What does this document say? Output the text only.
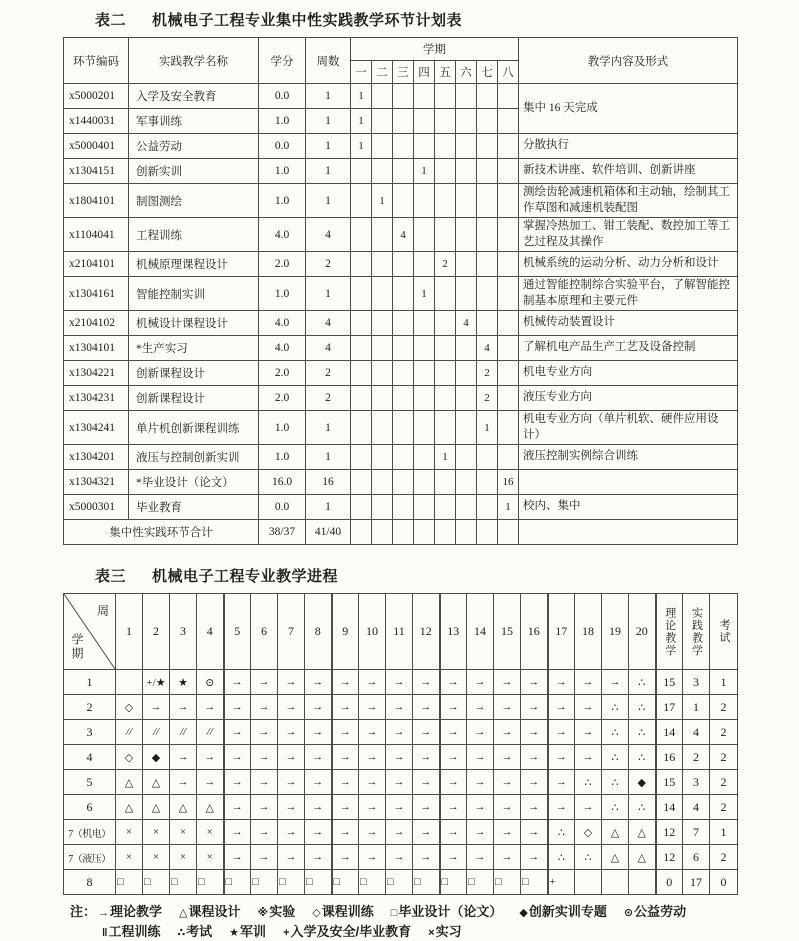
表二 机械电子工程专业集中性实践教学环节计划表
环节编码	实践教学名称	学分	周数	学期								教学内容及形式
				一	二	三	四	五	六	七	八	
x5000201	入学及安全教育	0.0	1	1								集中 16 天完成
x1440031	军事训练	1.0	1	1								
x5000401	公益劳动	0.0	1	1								分散执行
x1304151	创新实训	1.0	1				1					新技术讲座、软件培训、创新讲座
x1804101	制图测绘	1.0	1		1							测绘齿轮减速机箱体和主动轴，绘制其工作草图和减速机装配图
x1104041	工程训练	4.0	4			4						掌握冷热加工、钳工装配、数控加工等工艺过程及其操作
x2104101	机械原理课程设计	2.0	2					2				机械系统的运动分析、动力分析和设计
x1304161	智能控制实训	1.0	1				1					通过智能控制综合实验平台，了解智能控制基本原理和主要元件
x2104102	机械设计课程设计	4.0	4						4			机械传动装置设计
x1304101	*生产实习	4.0	4							4		了解机电产品生产工艺及设备控制
x1304221	创新课程设计	2.0	2							2		机电专业方向
x1304231	创新课程设计	2.0	2							2		液压专业方向
x1304241	单片机创新课程训练	1.0	1							1		机电专业方向（单片机软、硬件应用设计）
x1304201	液压与控制创新实训	1.0	1					1				液压控制实例综合训练
x1304321	*毕业设计（论文）	16.0	16								16	
x5000301	毕业教育	0.0	1								1	校内、集中
集中性实践环节合计		38/37	41/40									
表三 机械电子工程专业教学进程
周
学期	1	2	3	4	5	6	7	8	9	10	11	12	13	14	15	16	17	18	19	20	理论教学	实践教学	考试

1		+/★	★	⊙	→	→	→	→	→	→	→	→	→	→	→	→	→	→	→	∴	15	3	1
2	◇	→	→	→	→	→	→	→	→	→	→	→	→	→	→	→	→	→	∴	∴	17	1	2
3	//	//	//	//	→	→	→	→	→	→	→	→	→	→	→	→	→	→	∴	∴	14	4	2
4	◇	◆	→	→	→	→	→	→	→	→	→	→	→	→	→	→	→	→	∴	∴	16	2	2
5	△	△	→	→	→	→	→	→	→	→	→	→	→	→	→	→	→	∴	∴	◆	15	3	2
6	△	△	△	△	→	→	→	→	→	→	→	→	→	→	→	→	→	→	∴	∴	14	4	2
7（机电）	×	×	×	×	→	→	→	→	→	→	→	→	→	→	→	→	∴	◇	△	△	12	7	1
7（液压）	×	×	×	×	→	→	→	→	→	→	→	→	→	→	→	→	∴	∴	△	△	12	6	2
8	□	□	□	□	□	□	□	□	□	□	□	□	□	□	□	□	+				0	17	0
注： →理论教学 △课程设计 ※实验 ◇课程训练 □毕业设计（论文） ◆创新实训专题 ⊙公益劳动
‖工程训练 ∴考试 ★军训 +入学及安全/毕业教育 ×实习
